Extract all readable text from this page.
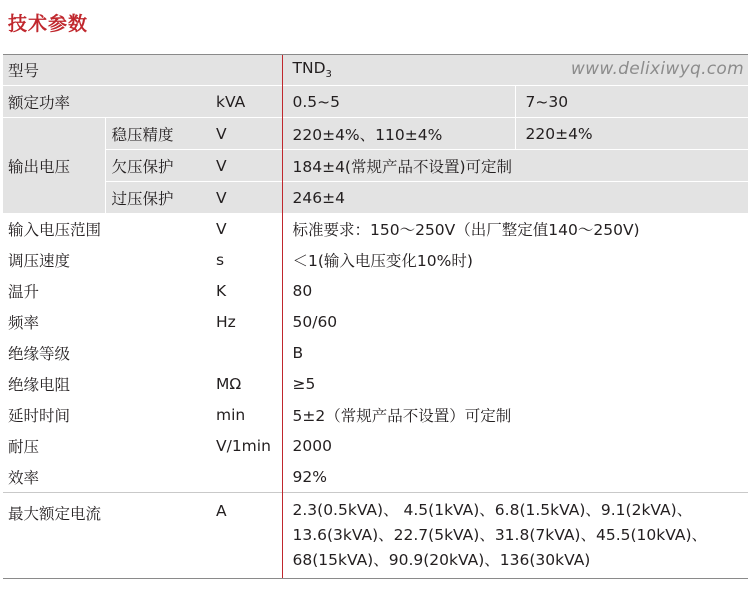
技术参数
型号			$TND_3$ www.delixiwyq.com	

额定功率		kVA	0.5~5	7~30
输出电压	稳压精度	V	220±4%、110±4%	220±4%
	欠压保护	V	184±4(常规产品不设置)可定制	
	过压保护	V	246±4	
输入电压范围		V	标准要求：150～250V（出厂整定值140～250V)	
调压速度		s	＜1(输入电压变化10%时)	
温升		K	80	
频率		Hz	50/60	
绝缘等级			B	
绝缘电阻		MΩ	≥5	
延时时间		min	5±2（常规产品不设置）可定制	
耐压		V/1min	2000	
效率			92%	
最大额定电流		A	2.3(0.5kVA)、 4.5(1kVA)、6.8(1.5kVA)、9.1(2kVA)、
13.6(3kVA)、22.7(5kVA)、31.8(7kVA)、45.5(10kVA)、
68(15kVA)、90.9(20kVA)、136(30kVA)	
